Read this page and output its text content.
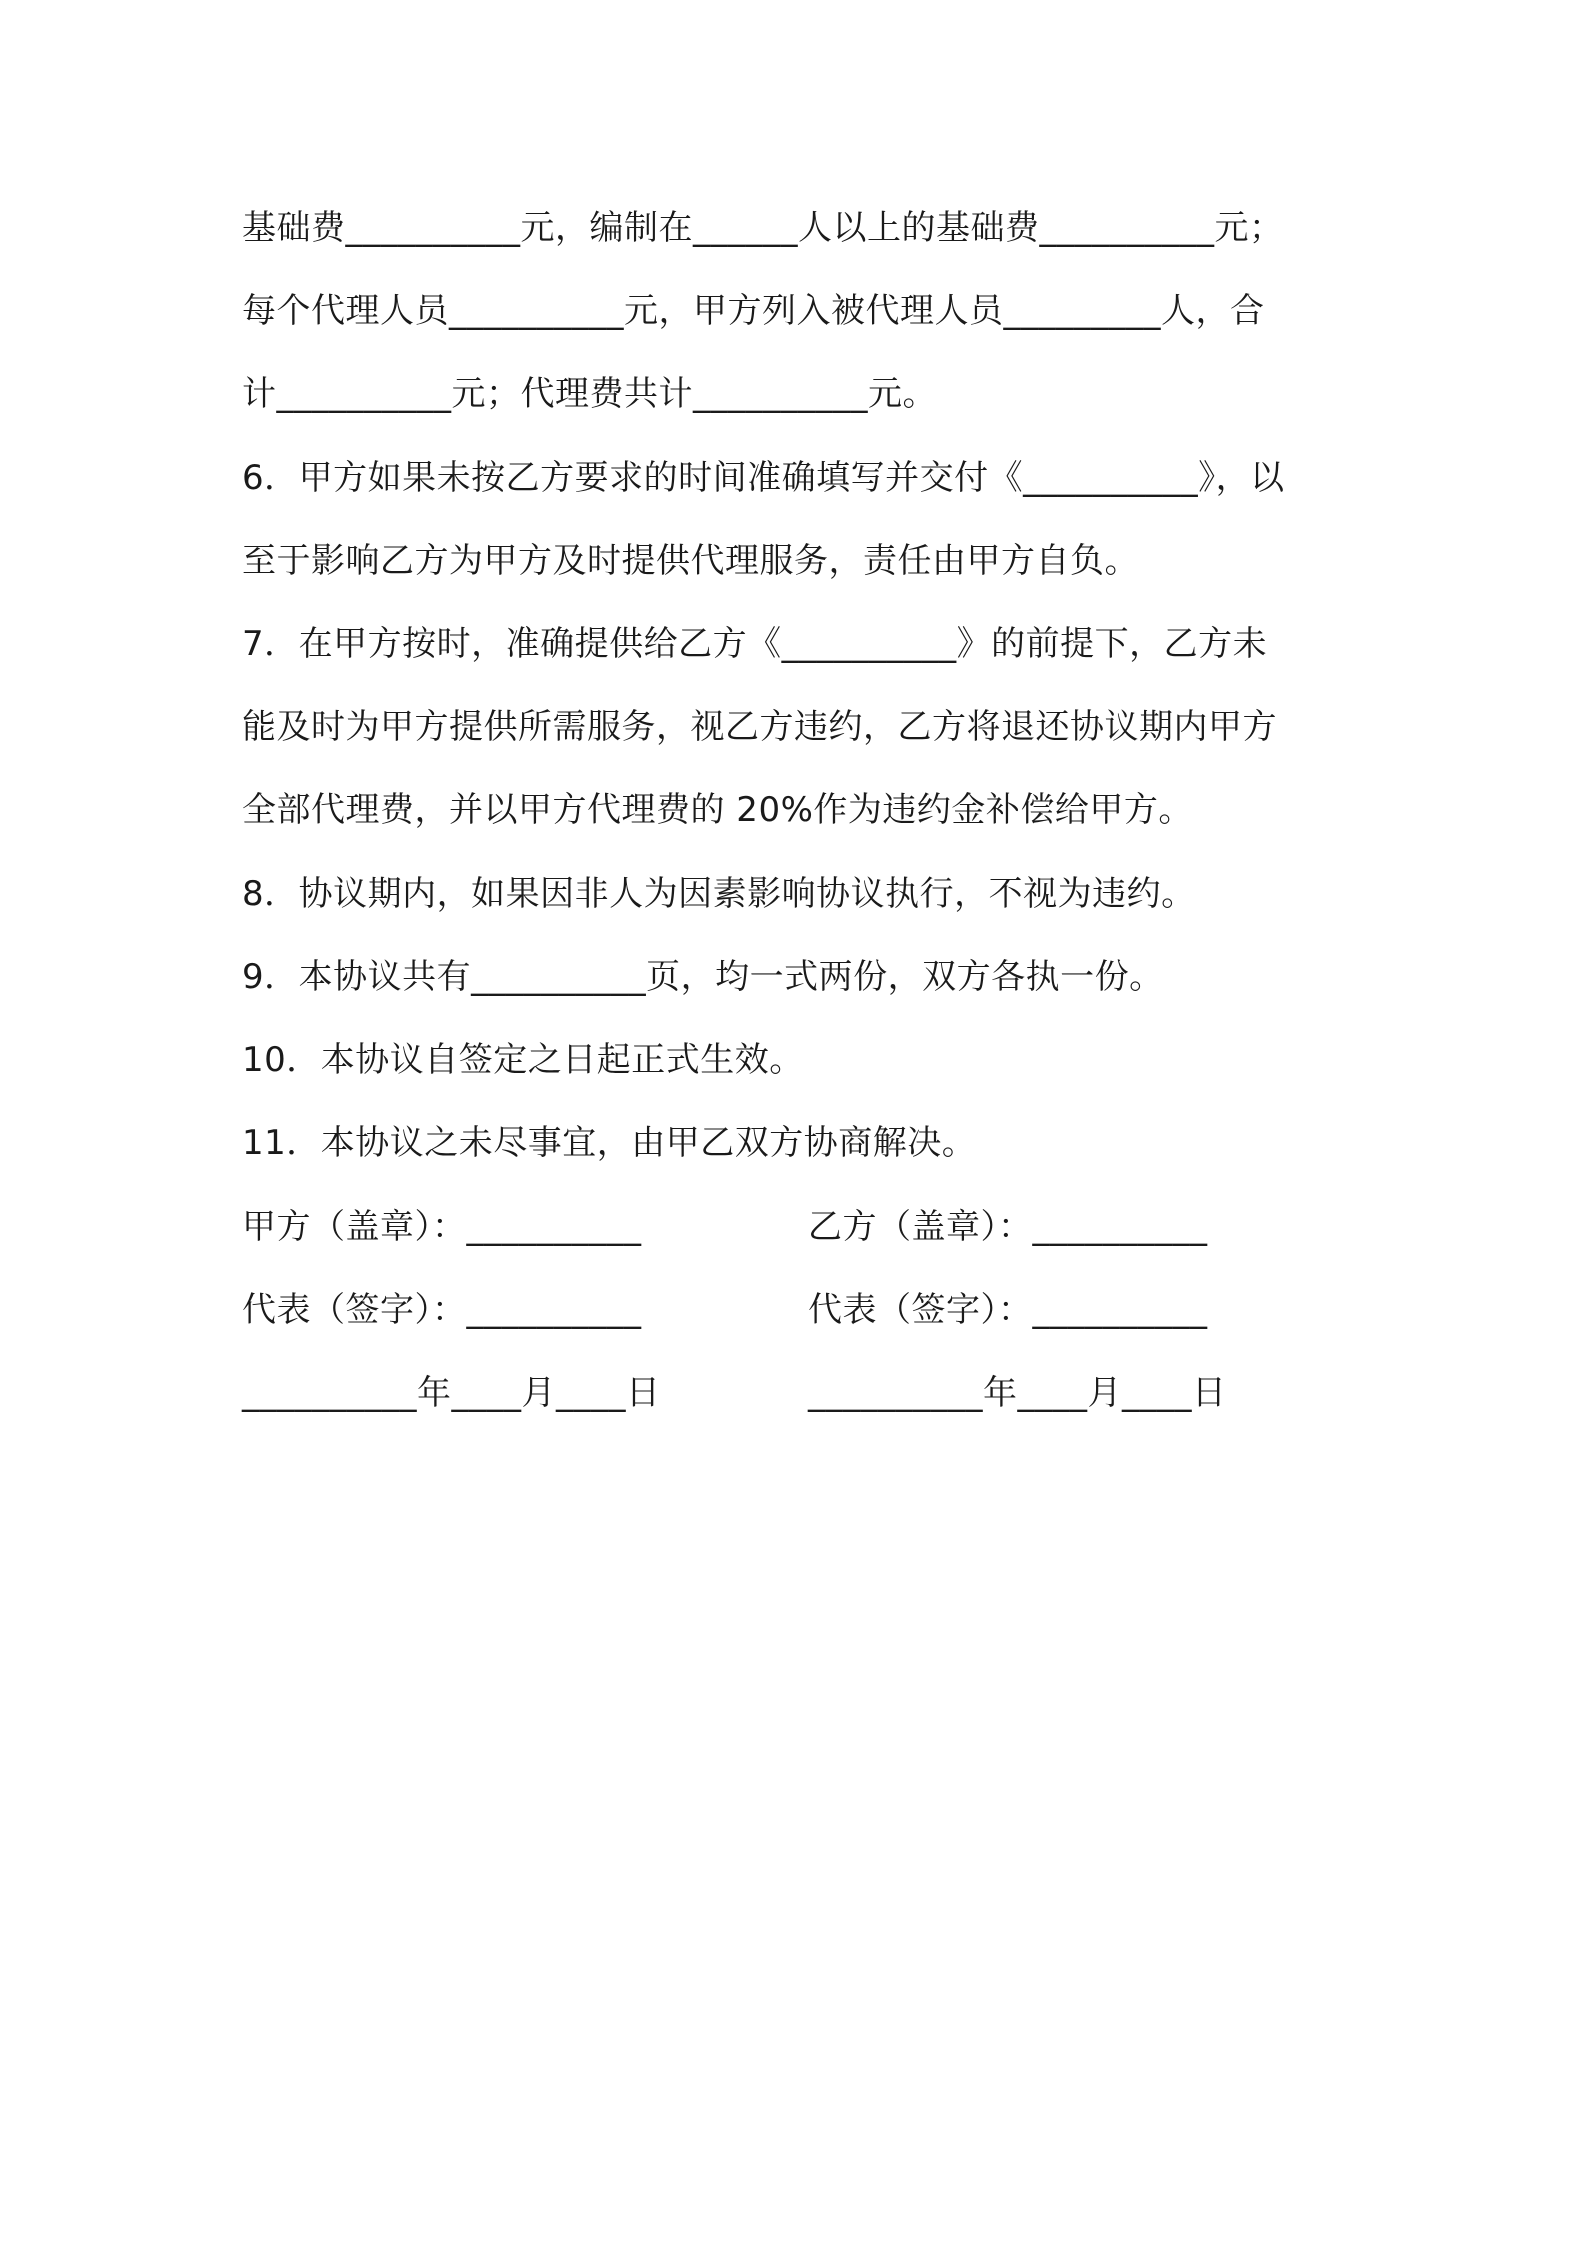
基础费__________元，编制在______人以上的基础费__________元；
每个代理人员__________元，甲方列入被代理人员_________人，合
计__________元；代理费共计__________元。
6．甲方如果未按乙方要求的时间准确填写并交付《__________》，以
至于影响乙方为甲方及时提供代理服务，责任由甲方自负。
7．在甲方按时，准确提供给乙方《__________》的前提下，乙方未
能及时为甲方提供所需服务，视乙方违约，乙方将退还协议期内甲方
全部代理费，并以甲方代理费的 20%作为违约金补偿给甲方。
8．协议期内，如果因非人为因素影响协议执行，不视为违约。
9．本协议共有__________页，均一式两份，双方各执一份。
10．本协议自签定之日起正式生效。
11．本协议之未尽事宜，由甲乙双方协商解决。
甲方（盖章）：__________	乙方（盖章）：__________
代表（签字）：__________	代表（签字）：__________
__________年____月____日	__________年____月____日
